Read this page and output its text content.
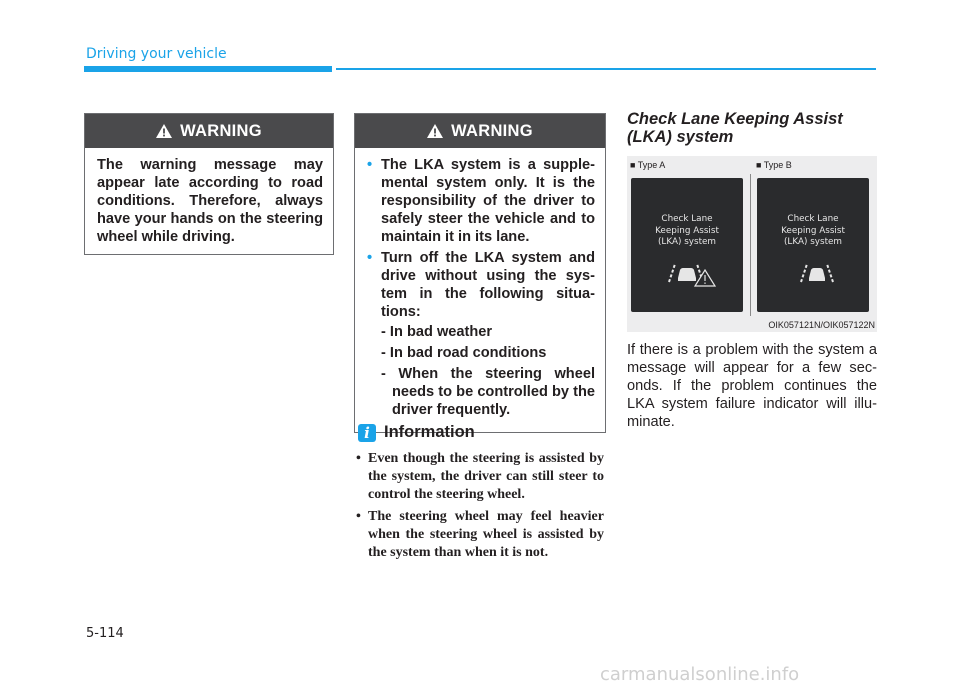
Driving your vehicle
WARNING
The warning message may appear late according to road conditions. Therefore, always have your hands on the steering wheel while driving.
WARNING
• The LKA system is a supple-mental system only. It is the responsibility of the driver to safely steer the vehicle and to maintain it in its lane.
• Turn off the LKA system and drive without using the sys-tem in the following situa-tions:
- In bad weather
- In bad road conditions
- When the steering wheel needs to be controlled by the driver frequently.
i Information
• Even though the steering is assisted by the system, the driver can still steer to control the steering wheel.
• The steering wheel may feel heavier when the steering wheel is assisted by the system than when it is not.
Check Lane Keeping Assist (LKA) system
■ Type A	■ Type B
Check Lane
Keeping Assist
(LKA) system
Check Lane
Keeping Assist
(LKA) system
OIK057121N/OIK057122N
If there is a problem with the system a message will appear for a few sec-onds. If the problem continues the LKA system failure indicator will illu-minate.
5-114
carmanualsonline.info
